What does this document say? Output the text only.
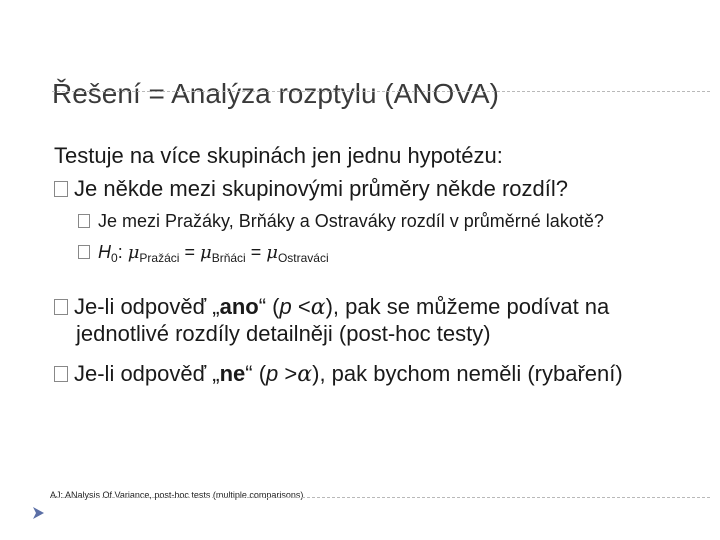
Řešení = Analýza rozptylu (ANOVA)
Testuje na více skupinách jen jednu hypotézu:
Je někde mezi skupinovými průměry někde rozdíl?
Je mezi Pražáky, Brňáky a Ostraváky rozdíl v průměrné lakotě?
$H_0$: $\mu_{Pražáci} = \mu_{Brňáci} = \mu_{Ostraváci}$
Je-li odpověď „ano“ (p <α), pak se můžeme podívat na
jednotlivé rozdíly detailněji (post-hoc testy)
Je-li odpověď „ne“ (p >α), pak bychom neměli (rybaření)
AJ: ANalysis Of Variance, post-hoc tests (multiple comparisons)
